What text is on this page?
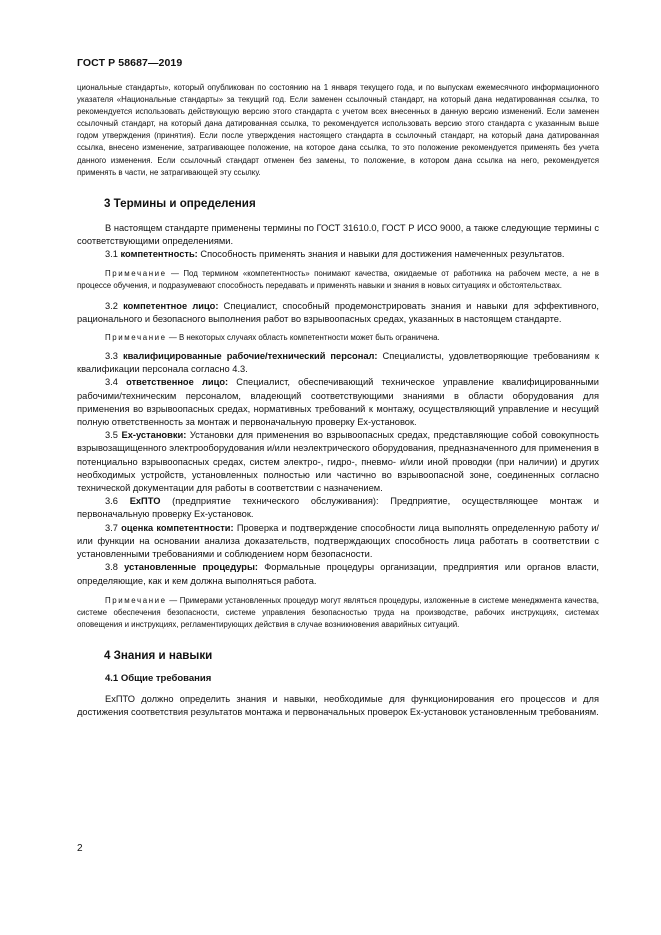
ГОСТ Р 58687—2019

циональные стандарты», который опубликован по состоянию на 1 января текущего года, и по выпускам ежемесячного информационного указателя «Национальные стандарты» за текущий год. Если заменен ссылочный стандарт, на который дана недатированная ссылка, то рекомендуется использовать действующую версию этого стандарта с учетом всех внесенных в данную версию изменений. Если заменен ссылочный стандарт, на который дана датированная ссылка, то рекомендуется использовать версию этого стандарта с указанным выше годом утверждения (принятия). Если после утверждения настоящего стандарта в ссылочный стандарт, на который дана датированная ссылка, внесено изменение, затрагивающее положение, на которое дана ссылка, то это положение рекомендуется применять без учета данного изменения. Если ссылочный стандарт отменен без замены, то положение, в котором дана ссылка на него, рекомендуется применять в части, не затрагивающей эту ссылку.

3 Термины и определения

В настоящем стандарте применены термины по ГОСТ 31610.0, ГОСТ Р ИСО 9000, а также следующие термины с соответствующими определениями.

3.1 компетентность: Способность применять знания и навыки для достижения намеченных результатов.

Примечание — Под термином «компетентность» понимают качества, ожидаемые от работника на рабочем месте, а не в процессе обучения, и подразумевают способность передавать и применять навыки и знания в новых ситуациях и обстоятельствах.

3.2 компетентное лицо: Специалист, способный продемонстрировать знания и навыки для эффективного, рационального и безопасного выполнения работ во взрывоопасных средах, указанных в настоящем стандарте.

Примечание — В некоторых случаях область компетентности может быть ограничена.

3.3 квалифицированные рабочие/технический персонал: Специалисты, удовлетворяющие требованиям к квалификации персонала согласно 4.3.

3.4 ответственное лицо: Специалист, обеспечивающий техническое управление квалифицированными рабочими/техническим персоналом, владеющий соответствующими знаниями в области оборудования для применения во взрывоопасных средах, нормативных требований к монтажу, осуществляющий управление и несущий полную ответственность за монтаж и первоначальную проверку Ex-установок.

3.5 Ex-установки: Установки для применения во взрывоопасных средах, представляющие собой совокупность взрывозащищенного электрооборудования и/или неэлектрического оборудования, предназначенного для применения в потенциально взрывоопасных средах, систем электро-, гидро-, пневмо- и/или иной проводки (при наличии) и других необходимых устройств, установленных полностью или частично во взрывоопасной зоне, соединенных согласно технической документации для работы в соответствии с назначением.

3.6 ExПТО (предприятие технического обслуживания): Предприятие, осуществляющее монтаж и первоначальную проверку Ex-установок.

3.7 оценка компетентности: Проверка и подтверждение способности лица выполнять определенную работу и/или функции на основании анализа доказательств, подтверждающих способность лица работать в соответствии с установленными требованиями и соблюдением норм безопасности.

3.8 установленные процедуры: Формальные процедуры организации, предприятия или органов власти, определяющие, как и кем должна выполняться работа.

Примечание — Примерами установленных процедур могут являться процедуры, изложенные в системе менеджмента качества, системе обеспечения безопасности, системе управления безопасностью труда на производстве, рабочих инструкциях, системах оповещения и инструкциях, регламентирующих действия в случае возникновения аварийных ситуаций.

4 Знания и навыки

4.1 Общие требования

ExПТО должно определить знания и навыки, необходимые для функционирования его процессов и для достижения соответствия результатов монтажа и первоначальных проверок Ex-установок установленным требованиям.

2
